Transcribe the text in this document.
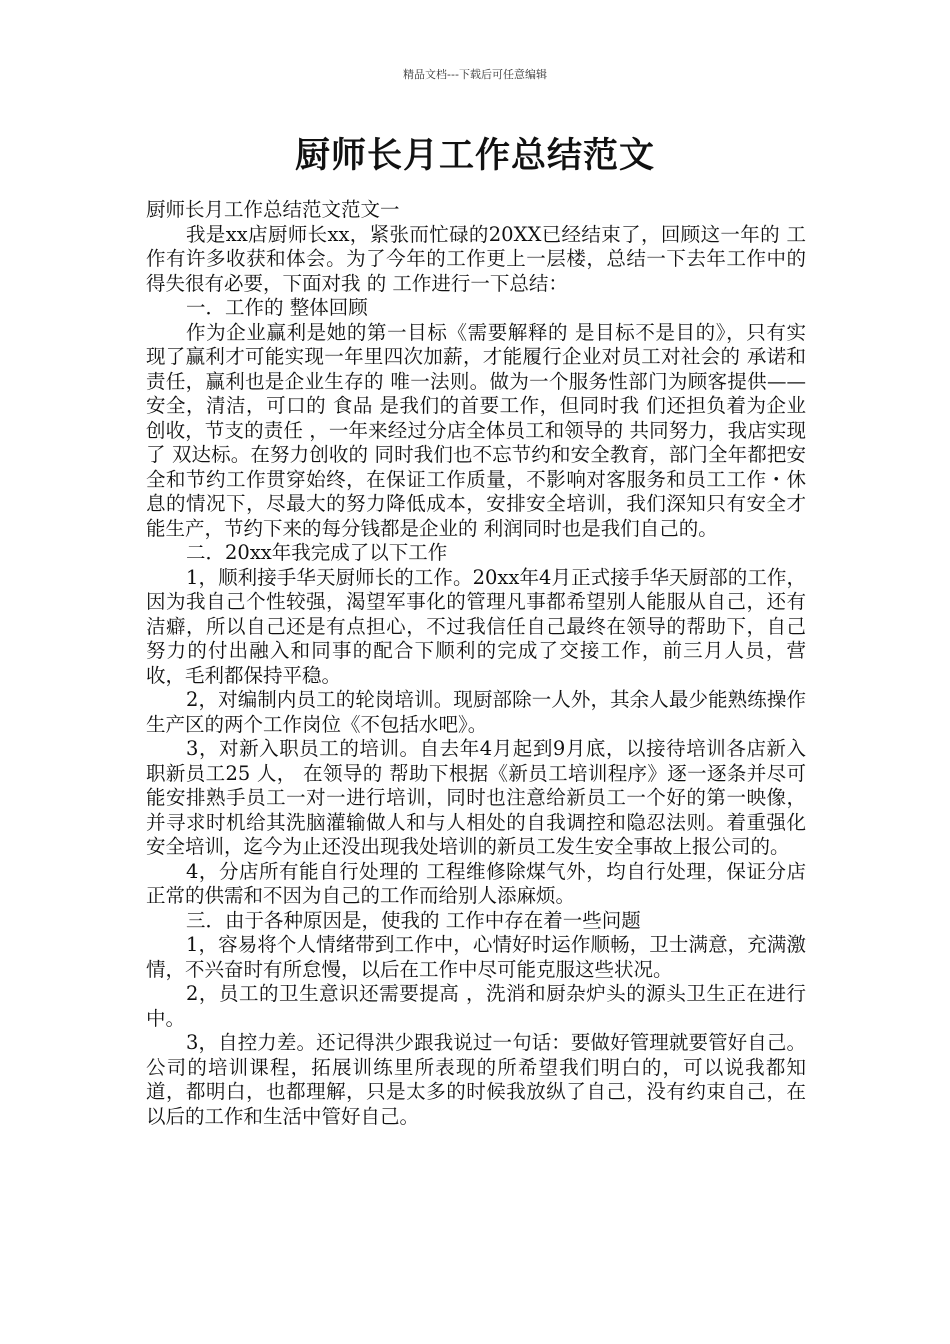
精品文档---下载后可任意编辑
厨师长月工作总结范文

厨师长月工作总结范文范文一

我是xx店厨师长xx，紧张而忙碌的20XX已经结束了，回顾这一年的 工作有许多收获和体会。为了今年的工作更上一层楼，总结一下去年工作中的 得失很有必要，下面对我 的 工作进行一下总结：

一．工作的 整体回顾

作为企业赢利是她的第一目标《需要解释的 是目标不是目的》，只有实现了赢利才可能实现一年里四次加薪，才能履行企业对员工对社会的 承诺和责任，赢利也是企业生存的 唯一法则。做为一个服务性部门为顾客提供——安全，清洁，可口的 食品 是我们的首要工作，但同时我 们还担负着为企业创收，节支的责任 ，一年来经过分店全体员工和领导的 共同努力，我店实现了 双达标。在努力创收的 同时我们也不忘节约和安全教育，部门全年都把安全和节约工作贯穿始终，在保证工作质量，不影响对客服务和员工工作・休息的情况下，尽最大的努力降低成本，安排安全培训，我们深知只有安全才能生产，节约下来的每分钱都是企业的 利润同时也是我们自己的。

二．20xx年我完成了以下工作

1，顺利接手华天厨师长的工作。20xx年4月正式接手华天厨部的工作，因为我自己个性较强，渴望军事化的管理凡事都希望别人能服从自己，还有洁癖，所以自己还是有点担心，不过我信任自己最终在领导的帮助下，自己努力的付出融入和同事的配合下顺利的完成了交接工作，前三月人员，营收，毛利都保持平稳。

2，对编制内员工的轮岗培训。现厨部除一人外，其余人最少能熟练操作生产区的两个工作岗位《不包括水吧》。

3，对新入职员工的培训。自去年4月起到9月底，以接待培训各店新入职新员工25 人， 在领导的 帮助下根据《新员工培训程序》逐一逐条并尽可能安排熟手员工一对一进行培训，同时也注意给新员工一个好的第一映像，并寻求时机给其洗脑灌输做人和与人相处的自我调控和隐忍法则。着重强化安全培训，迄今为止还没出现我处培训的新员工发生安全事故上报公司的。

4，分店所有能自行处理的 工程维修除煤气外，均自行处理，保证分店正常的供需和不因为自己的工作而给别人添麻烦。

三．由于各种原因是，使我的 工作中存在着一些问题

1，容易将个人情绪带到工作中，心情好时运作顺畅，卫士满意，充满激情，不兴奋时有所怠慢，以后在工作中尽可能克服这些状况。

2，员工的卫生意识还需要提高 ，洗消和厨杂炉头的源头卫生正在进行中。

3，自控力差。还记得洪少跟我说过一句话：要做好管理就要管好自己。公司的培训课程，拓展训练里所表现的所希望我们明白的，可以说我都知道，都明白，也都理解，只是太多的时候我放纵了自己，没有约束自己，在以后的工作和生活中管好自己。
